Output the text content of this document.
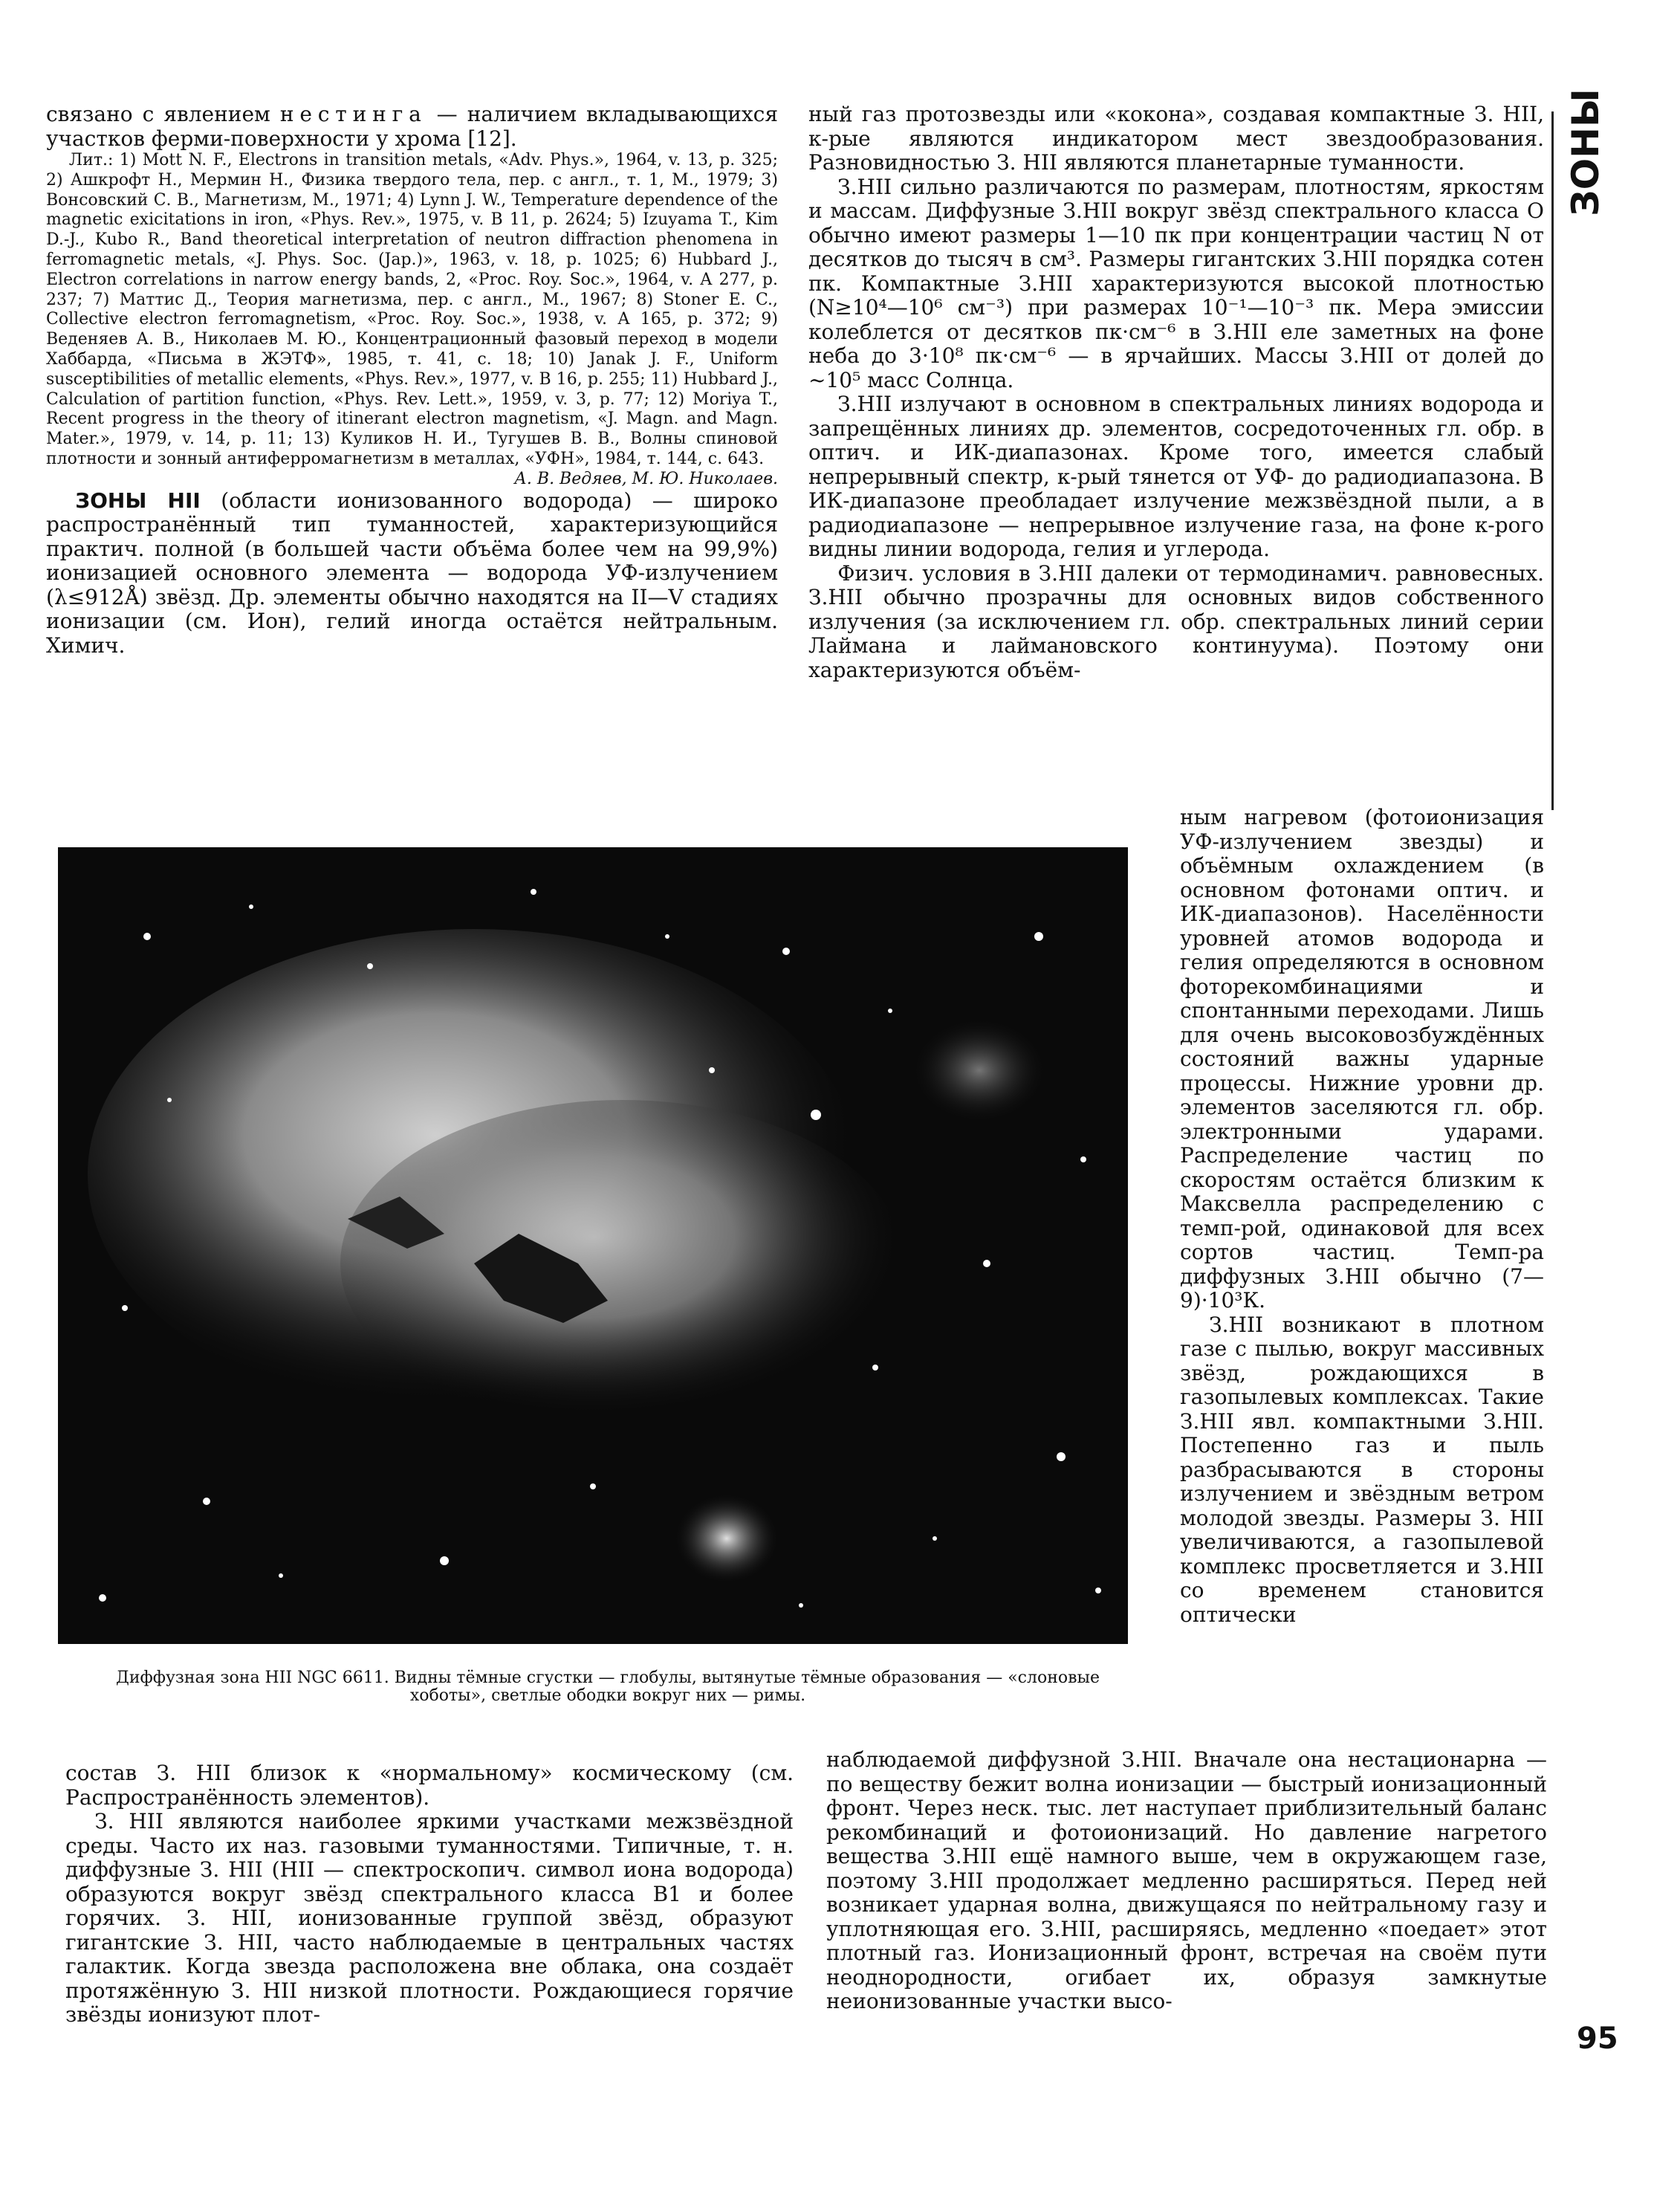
ЗОНЫ

связано с явлением нестинга — наличием вкладывающихся участков ферми-поверхности у хрома [12].

Лит.: 1) Mott N. F., Electrons in transition metals, «Adv. Phys.», 1964, v. 13, p. 325; 2) Ашкрофт Н., Мермин Н., Физика твердого тела, пер. с англ., т. 1, М., 1979; 3) Вонсовский С. В., Магнетизм, М., 1971; 4) Lynn J. W., Temperature dependence of the magnetic exicitations in iron, «Phys. Rev.», 1975, v. B 11, p. 2624; 5) Izuyama T., Kim D.-J., Kubo R., Band theoretical interpretation of neutron diffraction phenomena in ferromagnetic metals, «J. Phys. Soc. (Jap.)», 1963, v. 18, p. 1025; 6) Hubbard J., Electron correlations in narrow energy bands, 2, «Proc. Roy. Soc.», 1964, v. A 277, p. 237; 7) Маттис Д., Теория магнетизма, пер. с англ., М., 1967; 8) Stoner E. C., Collective electron ferromagnetism, «Proc. Roy. Soc.», 1938, v. A 165, p. 372; 9) Веденяев А. В., Николаев М. Ю., Концентрационный фазовый переход в модели Хаббарда, «Письма в ЖЭТФ», 1985, т. 41, с. 18; 10) Janak J. F., Uniform susceptibilities of metallic elements, «Phys. Rev.», 1977, v. B 16, p. 255; 11) Hubbard J., Calculation of partition function, «Phys. Rev. Lett.», 1959, v. 3, p. 77; 12) Moriya T., Recent progress in the theory of itinerant electron magnetism, «J. Magn. and Magn. Mater.», 1979, v. 14, p. 11; 13) Куликов Н. И., Тугушев В. В., Волны спиновой плотности и зонный антиферромагнетизм в металлах, «УФН», 1984, т. 144, с. 643.

А. В. Ведяев, М. Ю. Николаев.

ЗОНЫ HII (области ионизованного водорода) — широко распространённый тип туманностей, характеризующийся практич. полной (в большей части объёма более чем на 99,9%) ионизацией основного элемента — водорода УФ-излучением (λ≤912Å) звёзд. Др. элементы обычно находятся на II—V стадиях ионизации (см. Ион), гелий иногда остаётся нейтральным. Химич.

ный газ протозвезды или «кокона», создавая компактные З. HII, к-рые являются индикатором мест звездообразования. Разновидностью З. HII являются планетарные туманности.

З.HII сильно различаются по размерам, плотностям, яркостям и массам. Диффузные З.HII вокруг звёзд спектрального класса O обычно имеют размеры 1—10 пк при концентрации частиц N от десятков до тысяч в см³. Размеры гигантских З.HII порядка сотен пк. Компактные З.HII характеризуются высокой плотностью (N≥10⁴—10⁶ см⁻³) при размерах 10⁻¹—10⁻³ пк. Мера эмиссии колеблется от десятков пк·см⁻⁶ в З.HII еле заметных на фоне неба до 3·10⁸ пк·см⁻⁶ — в ярчайших. Массы З.HII от долей до ~10⁵ масс Солнца.

З.HII излучают в основном в спектральных линиях водорода и запрещённых линиях др. элементов, сосредоточенных гл. обр. в оптич. и ИК-диапазонах. Кроме того, имеется слабый непрерывный спектр, к-рый тянется от УФ- до радиодиапазона. В ИК-диапазоне преобладает излучение межзвёздной пыли, а в радиодиапазоне — непрерывное излучение газа, на фоне к-рого видны линии водорода, гелия и углерода.

Физич. условия в З.HII далеки от термодинамич. равновесных. З.HII обычно прозрачны для основных видов собственного излучения (за исключением гл. обр. спектральных линий серии Лаймана и лаймановского континуума). Поэтому они характеризуются объём-

Диффузная зона HII NGC 6611. Видны тёмные сгустки — глобулы, вытянутые тёмные образования — «слоновые хоботы», светлые ободки вокруг них — римы.

ным нагревом (фотоионизация УФ-излучением звезды) и объёмным охлаждением (в основном фотонами оптич. и ИК-диапазонов). Населённости уровней атомов водорода и гелия определяются в основном фоторекомбинациями и спонтанными переходами. Лишь для очень высоковозбуждённых состояний важны ударные процессы. Нижние уровни др. элементов заселяются гл. обр. электронными ударами. Распределение частиц по скоростям остаётся близким к Максвелла распределению с темп-рой, одинаковой для всех сортов частиц. Темп-ра диффузных З.HII обычно (7—9)·10³К.

З.HII возникают в плотном газе с пылью, вокруг массивных звёзд, рождающихся в газопылевых комплексах. Такие З.HII явл. компактными З.HII. Постепенно газ и пыль разбрасываются в стороны излучением и звёздным ветром молодой звезды. Размеры З. HII увеличиваются, а газопылевой комплекс просветляется и З.HII со временем становится оптически

состав З. HII близок к «нормальному» космическому (см. Распространённость элементов).

З. HII являются наиболее яркими участками межзвёздной среды. Часто их наз. газовыми туманностями. Типичные, т. н. диффузные З. HII (HII — спектроскопич. символ иона водорода) образуются вокруг звёзд спектрального класса B1 и более горячих. З. HII, ионизованные группой звёзд, образуют гигантские З. HII, часто наблюдаемые в центральных частях галактик. Когда звезда расположена вне облака, она создаёт протяжённую З. HII низкой плотности. Рождающиеся горячие звёзды ионизуют плот-

наблюдаемой диффузной З.HII. Вначале она нестационарна — по веществу бежит волна ионизации — быстрый ионизационный фронт. Через неск. тыс. лет наступает приблизительный баланс рекомбинаций и фотоионизаций. Но давление нагретого вещества З.HII ещё намного выше, чем в окружающем газе, поэтому З.HII продолжает медленно расширяться. Перед ней возникает ударная волна, движущаяся по нейтральному газу и уплотняющая его. З.HII, расширяясь, медленно «поедает» этот плотный газ. Ионизационный фронт, встречая на своём пути неоднородности, огибает их, образуя замкнутые неионизованные участки высо-

95
